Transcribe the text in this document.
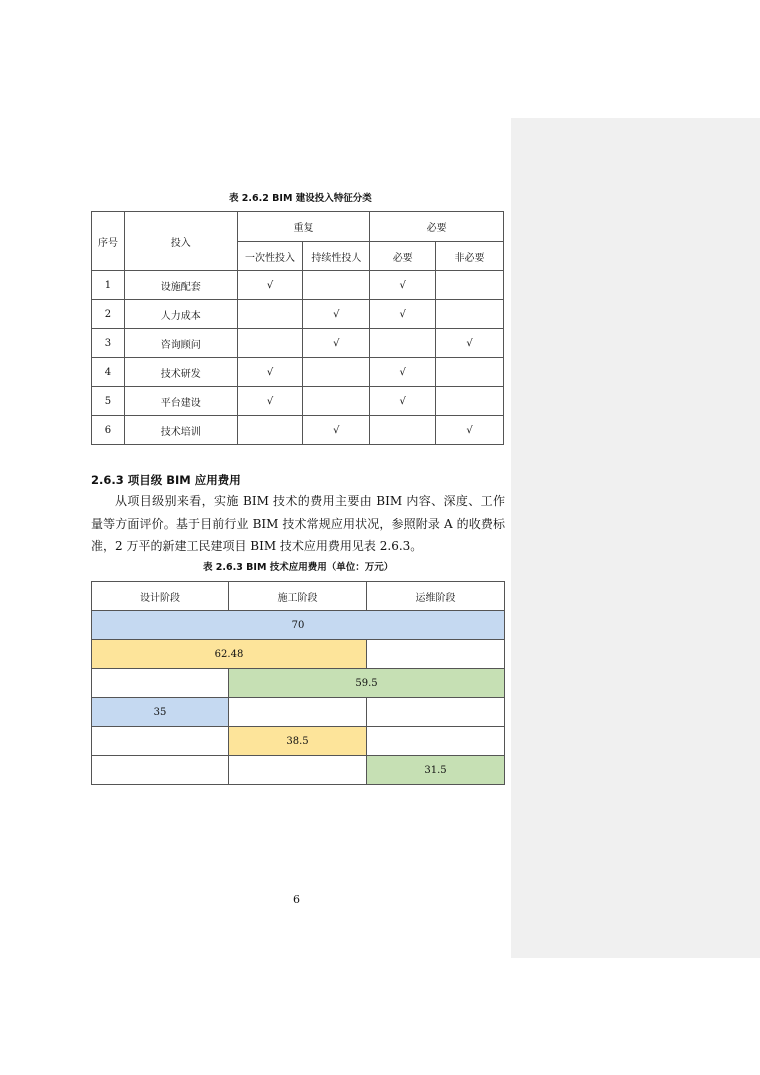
表 2.6.2 BIM 建设投入特征分类
序号	投入	重复		必要	
		一次性投入	持续性投人	必要	非必要
1	设施配套	√		√	
2	人力成本		√	√	
3	咨询顾问		√		√
4	技术研发	√		√	
5	平台建设	√		√	
6	技术培训		√		√
2.6.3 项目级 BIM 应用费用

从项目级别来看，实施 BIM 技术的费用主要由 BIM 内容、深度、工作量等方面评价。基于目前行业 BIM 技术常规应用状况，参照附录 A 的收费标准，2 万平的新建工民建项目 BIM 技术应用费用见表 2.6.3。

表 2.6.3 BIM 技术应用费用（单位：万元）
设计阶段	施工阶段	运维阶段
70		
62.48		
	59.5	
35		
	38.5	
		31.5
6
